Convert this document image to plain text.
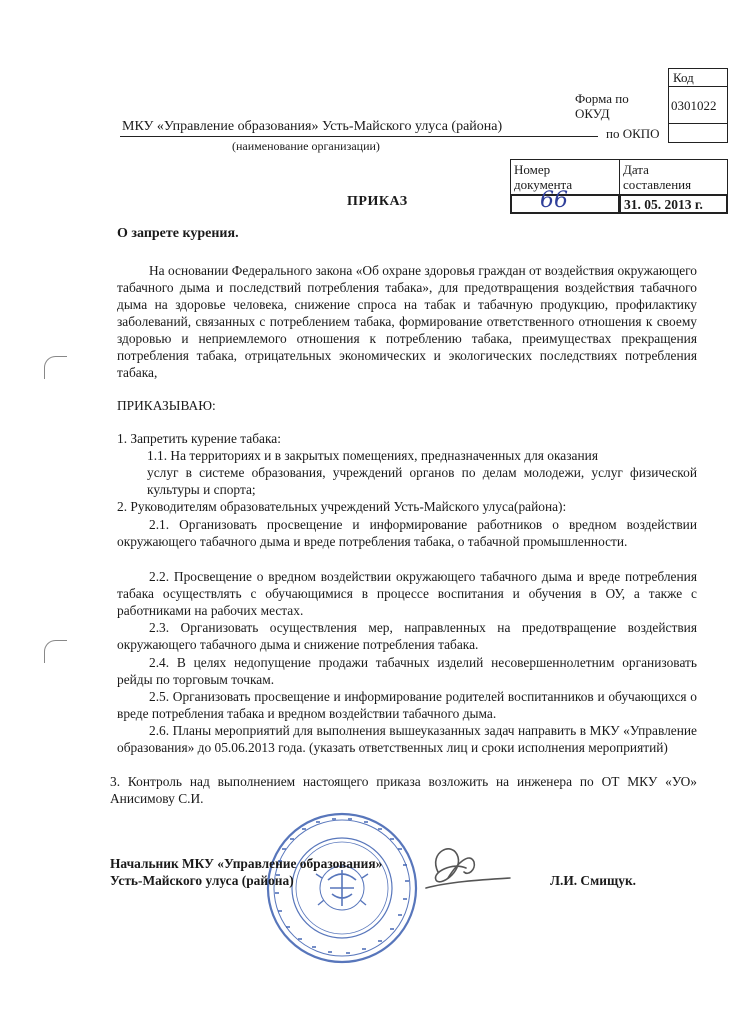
Код
0301022
Форма по
ОКУД
по ОКПО
МКУ «Управление образования» Усть-Майского улуса (района)
(наименование организации)
Номер
документа
Дата
составления
66	31. 05. 2013 г.
ПРИКАЗ
О запрете курения.
На основании Федерального закона «Об охране здоровья граждан от воздействия окружающего табачного дыма и последствий потребления табака», для предотвращения воздействия табачного дыма на здоровье человека, снижение спроса на табак и табачную продукцию, профилактику заболеваний, связанных с потреблением табака, формирование ответственного отношения к своему здоровью и неприемлемого отношения к потреблению табака, преимуществах прекращения потребления табака, отрицательных экономических и экологических последствиях потребления табака,
ПРИКАЗЫВАЮ:
1. Запретить курение табака:
1.1. На территориях и в закрытых помещениях, предназначенных для оказания
услуг в системе образования, учреждений органов по делам молодежи, услуг физической культуры и спорта;
2. Руководителям образовательных учреждений Усть-Майского улуса(района):
2.1. Организовать просвещение и информирование работников о вредном воздействии окружающего табачного дыма и вреде потребления табака, о табачной промышленности.
2.2. Просвещение о вредном воздействии окружающего табачного дыма и вреде потребления табака осуществлять с обучающимися в процессе воспитания и обучения в ОУ, а также с работниками на рабочих местах.
2.3. Организовать осуществления мер, направленных на предотвращение воздействия окружающего табачного дыма и снижение потребления табака.
2.4. В целях недопущение продажи табачных изделий несовершеннолетним организовать рейды по торговым точкам.
2.5. Организовать просвещение и информирование родителей воспитанников и обучающихся о вреде потребления табака и вредном воздействии табачного дыма.
2.6. Планы мероприятий для выполнения вышеуказанных задач направить в МКУ «Управление образования» до 05.06.2013 года. (указать ответственных лиц и сроки исполнения мероприятий)
3. Контроль над выполнением настоящего приказа возложить на инженера по ОТ МКУ «УО» Анисимову С.И.
Начальник МКУ «Управление образования»
Усть-Майского улуса (района)	Л.И. Смищук.
